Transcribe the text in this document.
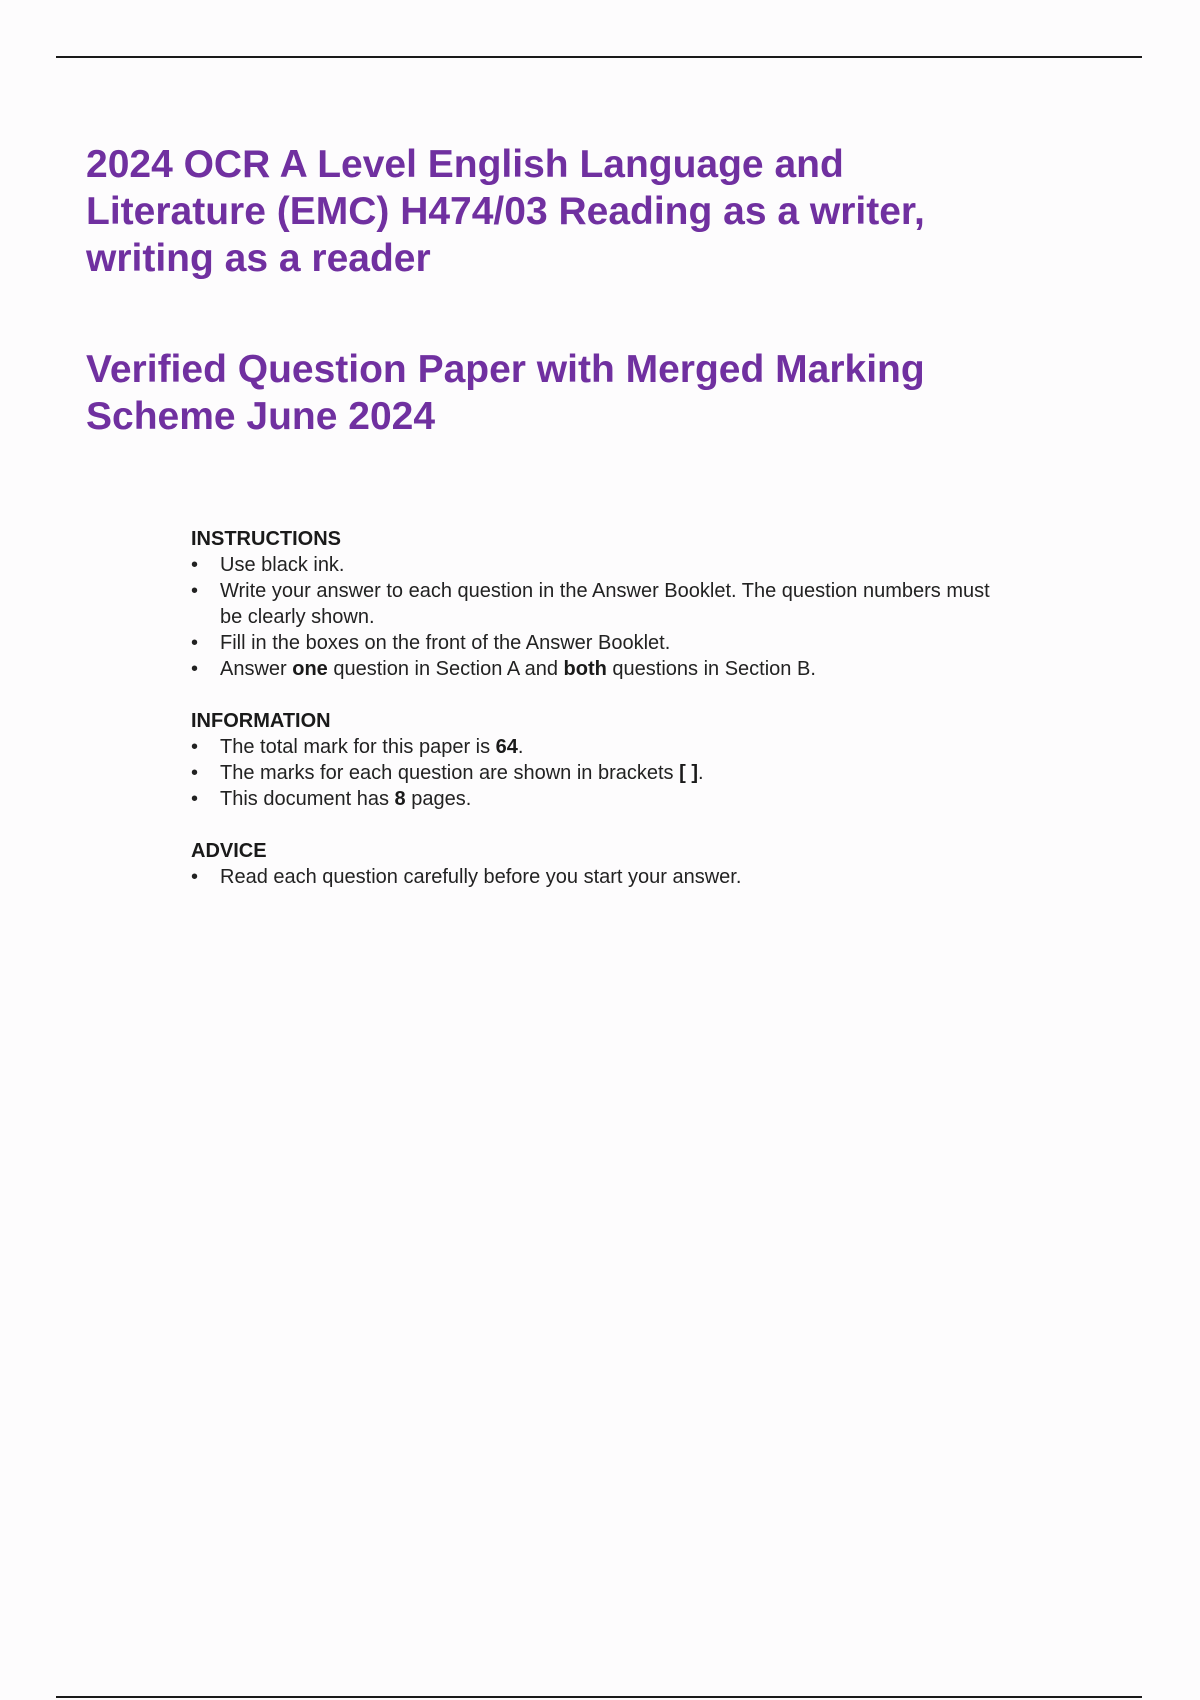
2024 OCR A Level English Language and
Literature (EMC) H474/03 Reading as a writer,
writing as a reader
Verified Question Paper with Merged Marking
Scheme June 2024

INSTRUCTIONS

• Use black ink.
• Write your answer to each question in the Answer Booklet. The question numbers must
be clearly shown.
• Fill in the boxes on the front of the Answer Booklet.
• Answer one question in Section A and both questions in Section B.

INFORMATION

• The total mark for this paper is 64.
• The marks for each question are shown in brackets [ ].
• This document has 8 pages.

ADVICE

• Read each question carefully before you start your answer.
